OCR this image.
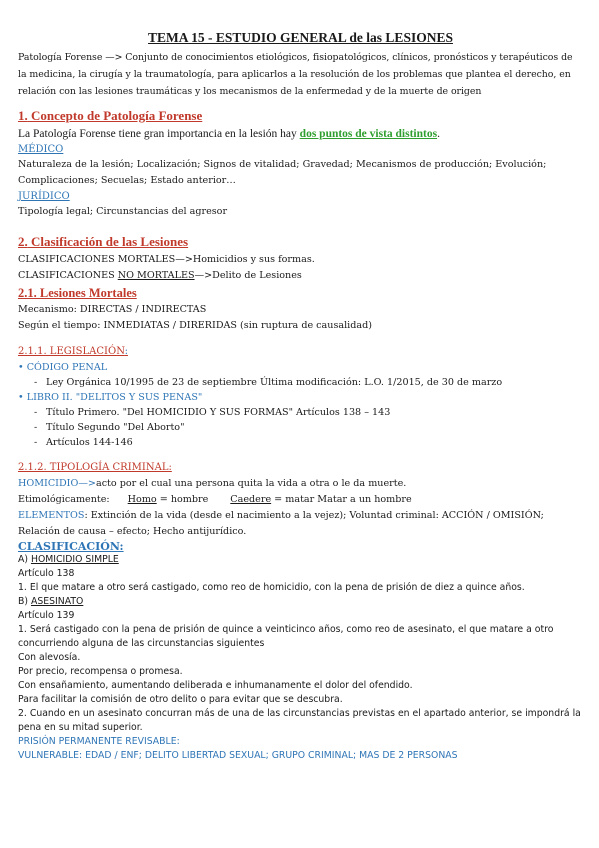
TEMA 15 - ESTUDIO GENERAL de las LESIONES

Patología Forense —> Conjunto de conocimientos etiológicos, fisiopatológicos, clínicos, pronósticos y terapéuticos de la medicina, la cirugía y la traumatología, para aplicarlos a la resolución de los problemas que plantea el derecho, en relación con las lesiones traumáticas y los mecanismos de la enfermedad y de la muerte de origen

1. Concepto de Patología Forense
La Patología Forense tiene gran importancia en la lesión hay dos puntos de vista distintos.
MÉDICO
Naturaleza de la lesión; Localización; Signos de vitalidad; Gravedad; Mecanismos de producción; Evolución; Complicaciones; Secuelas; Estado anterior…
JURÍDICO
Tipología legal; Circunstancias del agresor
2. Clasificación de las Lesiones
CLASIFICACIONES MORTALES—>Homicidios y sus formas.
CLASIFICACIONES NO MORTALES—>Delito de Lesiones
2.1. Lesiones Mortales
Mecanismo: DIRECTAS / INDIRECTAS
Según el tiempo: INMEDIATAS / DIRERIDAS (sin ruptura de causalidad)
2.1.1. LEGISLACIÓN:
• CÓDIGO PENAL
- Ley Orgánica 10/1995 de 23 de septiembre Última modificación: L.O. 1/2015, de 30 de marzo
• LIBRO II. "DELITOS Y SUS PENAS"
- Título Primero. "Del HOMICIDIO Y SUS FORMAS" Artículos 138 – 143
- Título Segundo "Del Aborto"
- Artículos 144-146
2.1.2. TIPOLOGÍA CRIMINAL:
HOMICIDIO—>acto por el cual una persona quita la vida a otra o le da muerte.
Etimológicamente: Homo = hombre Caedere = matar Matar a un hombre
ELEMENTOS: Extinción de la vida (desde el nacimiento a la vejez); Voluntad criminal: ACCIÓN / OMISIÓN; Relación de causa – efecto; Hecho antijurídico.
CLASIFICACIÓN:
A) HOMICIDIO SIMPLE
Artículo 138
1. El que matare a otro será castigado, como reo de homicidio, con la pena de prisión de diez a quince años.
B) ASESINATO
Artículo 139
1. Será castigado con la pena de prisión de quince a veinticinco años, como reo de asesinato, el que matare a otro concurriendo alguna de las circunstancias siguientes
Con alevosía.
Por precio, recompensa o promesa.
Con ensañamiento, aumentando deliberada e inhumanamente el dolor del ofendido.
Para facilitar la comisión de otro delito o para evitar que se descubra.
2. Cuando en un asesinato concurran más de una de las circunstancias previstas en el apartado anterior, se impondrá la pena en su mitad superior.
PRISIÓN PERMANENTE REVISABLE:
VULNERABLE: EDAD / ENF; DELITO LIBERTAD SEXUAL; GRUPO CRIMINAL; MAS DE 2 PERSONAS
